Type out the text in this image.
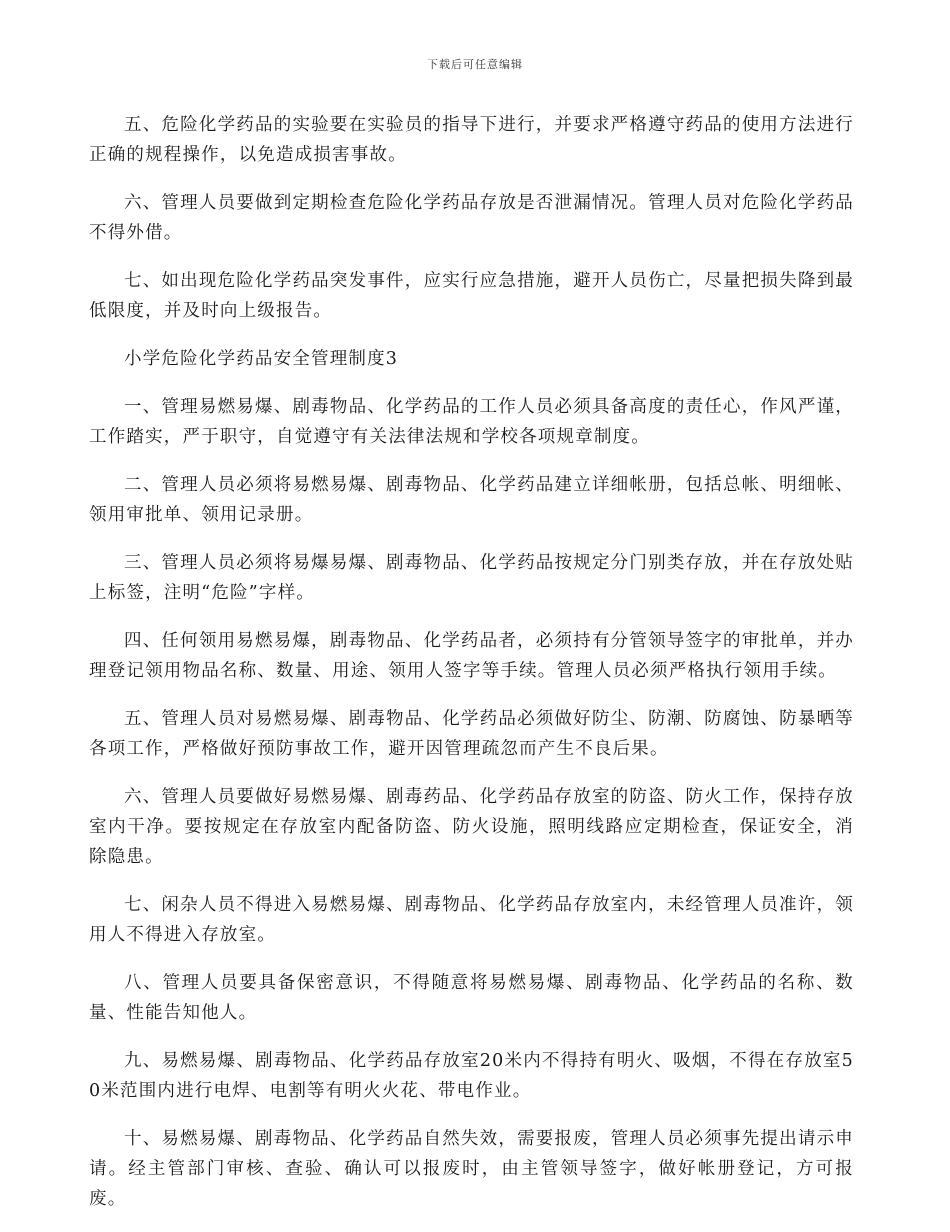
下载后可任意编辑

五、危险化学药品的实验要在实验员的指导下进行，并要求严格遵守药品的使用方法进行正确的规程操作，以免造成损害事故。

六、管理人员要做到定期检查危险化学药品存放是否泄漏情况。管理人员对危险化学药品不得外借。

七、如出现危险化学药品突发事件，应实行应急措施，避开人员伤亡，尽量把损失降到最低限度，并及时向上级报告。

小学危险化学药品安全管理制度3

一、管理易燃易爆、剧毒物品、化学药品的工作人员必须具备高度的责任心，作风严谨，工作踏实，严于职守，自觉遵守有关法律法规和学校各项规章制度。

二、管理人员必须将易燃易爆、剧毒物品、化学药品建立详细帐册，包括总帐、明细帐、领用审批单、领用记录册。

三、管理人员必须将易爆易爆、剧毒物品、化学药品按规定分门别类存放，并在存放处贴上标签，注明“危险”字样。

四、任何领用易燃易爆，剧毒物品、化学药品者，必须持有分管领导签字的审批单，并办理登记领用物品名称、数量、用途、领用人签字等手续。管理人员必须严格执行领用手续。

五、管理人员对易燃易爆、剧毒物品、化学药品必须做好防尘、防潮、防腐蚀、防暴晒等各项工作，严格做好预防事故工作，避开因管理疏忽而产生不良后果。

六、管理人员要做好易燃易爆、剧毒药品、化学药品存放室的防盗、防火工作，保持存放室内干净。要按规定在存放室内配备防盗、防火设施，照明线路应定期检查，保证安全，消除隐患。

七、闲杂人员不得进入易燃易爆、剧毒物品、化学药品存放室内，未经管理人员准许，领用人不得进入存放室。

八、管理人员要具备保密意识，不得随意将易燃易爆、剧毒物品、化学药品的名称、数量、性能告知他人。

九、易燃易爆、剧毒物品、化学药品存放室20米内不得持有明火、吸烟，不得在存放室50米范围内进行电焊、电割等有明火火花、带电作业。

十、易燃易爆、剧毒物品、化学药品自然失效，需要报废，管理人员必须事先提出请示申请。经主管部门审核、查验、确认可以报废时，由主管领导签字，做好帐册登记，方可报废。
